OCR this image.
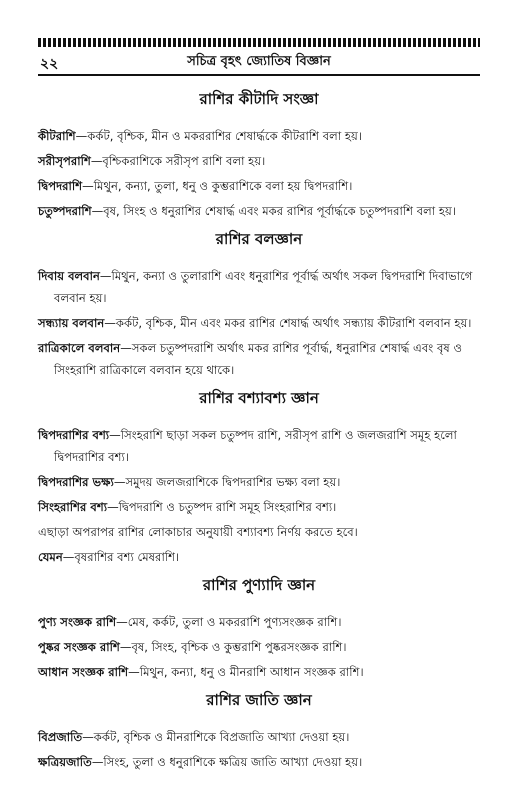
২২	সচিত্র বৃহৎ জ্যোতিষ বিজ্ঞান
রাশির কীটাদি সংজ্ঞা

কীটরাশি—কর্কট, বৃশ্চিক, মীন ও মকররাশির শেষার্দ্ধকে কীটরাশি বলা হয়।

সরীসৃপরাশি—বৃশ্চিকরাশিকে সরীসৃপ রাশি বলা হয়।

দ্বিপদরাশি—মিথুন, কন্যা, তুলা, ধনু ও কুম্ভরাশিকে বলা হয় দ্বিপদরাশি।

চতুষ্পদরাশি—বৃষ, সিংহ ও ধনুরাশির শেষার্দ্ধ এবং মকর রাশির পূর্বার্দ্ধকে চতুষ্পদরাশি বলা হয়।

রাশির বলজ্ঞান

দিবায় বলবান—মিথুন, কন্যা ও তুলারাশি এবং ধনুরাশির পূর্বার্দ্ধ অর্থাৎ সকল দ্বিপদরাশি দিবাভাগে বলবান হয়।

সন্ধ্যায় বলবান—কর্কট, বৃশ্চিক, মীন এবং মকর রাশির শেষার্দ্ধ অর্থাৎ সন্ধ্যায় কীটরাশি বলবান হয়।

রাত্রিকালে বলবান—সকল চতুষ্পদরাশি অর্থাৎ মকর রাশির পূর্বার্দ্ধ, ধনুরাশির শেষার্দ্ধ এবং বৃষ ও সিংহরাশি রাত্রিকালে বলবান হয়ে থাকে।

রাশির বশ্যাবশ্য জ্ঞান

দ্বিপদরাশির বশ্য—সিংহরাশি ছাড়া সকল চতুষ্পদ রাশি, সরীসৃপ রাশি ও জলজরাশি সমূহ হলো দ্বিপদরাশির বশ্য।

দ্বিপদরাশির ভক্ষ্য—সমুদয় জলজরাশিকে দ্বিপদরাশির ভক্ষ্য বলা হয়।

সিংহরাশির বশ্য—দ্বিপদরাশি ও চতুষ্পদ রাশি সমূহ সিংহরাশির বশ্য।

এছাড়া অপরাপর রাশির লোকাচার অনুযায়ী বশ্যাবশ্য নির্ণয় করতে হবে।

যেমন—বৃষরাশির বশ্য মেষরাশি।

রাশির পুণ্যাদি জ্ঞান

পুণ্য সংজ্ঞক রাশি—মেষ, কর্কট, তুলা ও মকররাশি পুণ্যসংজ্ঞক রাশি।

পুষ্কর সংজ্ঞক রাশি—বৃষ, সিংহ, বৃশ্চিক ও কুম্ভরাশি পুষ্করসংজ্ঞক রাশি।

আধান সংজ্ঞক রাশি—মিথুন, কন্যা, ধনু ও মীনরাশি আধান সংজ্ঞক রাশি।

রাশির জাতি জ্ঞান

বিপ্রজাতি—কর্কট, বৃশ্চিক ও মীনরাশিকে বিপ্রজাতি আখ্যা দেওয়া হয়।

ক্ষত্রিয়জাতি—সিংহ, তুলা ও ধনুরাশিকে ক্ষত্রিয় জাতি আখ্যা দেওয়া হয়।
